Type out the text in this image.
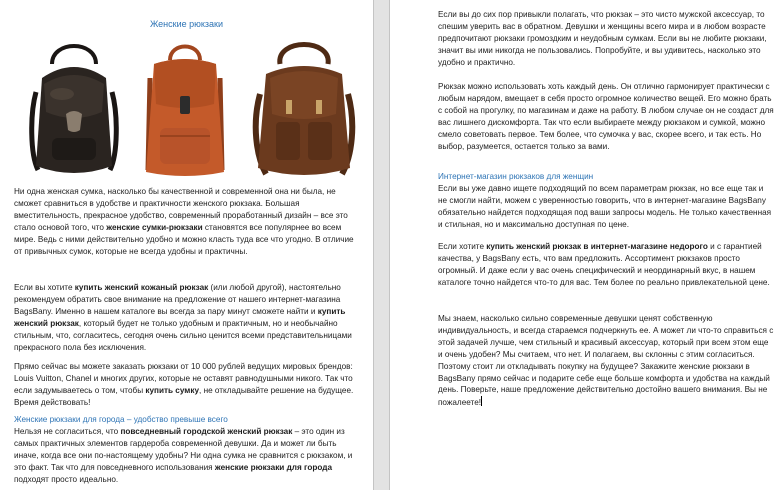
Женские рюкзаки

Ни одна женская сумка, насколько бы качественной и современной она ни была, не сможет сравниться в удобстве и практичности женского рюкзака. Большая вместительность, прекрасное удобство, современный проработанный дизайн – все это стало основой того, что женские сумки-рюкзаки становятся все популярнее во всем мире. Ведь с ними действительно удобно и можно класть туда все что угодно. В отличие от привычных сумок, которые не всегда удобны и практичны.

Если вы хотите купить женский кожаный рюкзак (или любой другой), настоятельно рекомендуем обратить свое внимание на предложение от нашего интернет-магазина BagsBany. Именно в нашем каталоге вы всегда за пару минут сможете найти и купить женский рюкзак, который будет не только удобным и практичным, но и необычайно стильным, что, согласитесь, сегодня очень сильно ценится всеми представительницами прекрасного пола без исключения.

Прямо сейчас вы можете заказать рюкзаки от 10 000 рублей ведущих мировых брендов: Louis Vuitton, Chanel и многих других, которые не оставят равнодушными никого. Так что если задумываетесь о том, чтобы купить сумку, не откладывайте решение на будущее. Время действовать!

Женские рюкзаки для города – удобство превыше всего

Нельзя не согласиться, что повседневный городской женский рюкзак – это один из самых практичных элементов гардероба современной девушки. Да и может ли быть иначе, когда все они по-настоящему удобны? Ни одна сумка не сравнится с рюкзаком, и это факт. Так что для повседневного использования женские рюкзаки для города подходят просто идеально.

Если вы до сих пор привыкли полагать, что рюкзак – это чисто мужской аксессуар, то спешим уверить вас в обратном. Девушки и женщины всего мира и в любом возрасте предпочитают рюкзаки громоздким и неудобным сумкам. Если вы не любите рюкзаки, значит вы ими никогда не пользовались. Попробуйте, и вы удивитесь, насколько это удобно и практично.

Рюкзак можно использовать хоть каждый день. Он отлично гармонирует практически с любым нарядом, вмещает в себя просто огромное количество вещей. Его можно брать с собой на прогулку, по магазинам и даже на работу. В любом случае он не создаст для вас лишнего дискомфорта. Так что если выбираете между рюкзаком и сумкой, можно смело советовать первое. Тем более, что сумочка у вас, скорее всего, и так есть. Но выбор, разумеется, остается только за вами.

Интернет-магазин рюкзаков для женщин

Если вы уже давно ищете подходящий по всем параметрам рюкзак, но все еще так и не смогли найти, можем с уверенностью говорить, что в интернет-магазине BagsBany обязательно найдется подходящая под ваши запросы модель. Не только качественная и стильная, но и максимально доступная по цене.

Если хотите купить женский рюкзак в интернет-магазине недорого и с гарантией качества, у BagsBany есть, что вам предложить. Ассортимент рюкзаков просто огромный. И даже если у вас очень специфический и неординарный вкус, в нашем каталоге точно найдется что-то для вас. Тем более по реально привлекательной цене.

Мы знаем, насколько сильно современные девушки ценят собственную индивидуальность, и всегда стараемся подчеркнуть ее. А может ли что-то справиться с этой задачей лучше, чем стильный и красивый аксессуар, который при всем этом еще и очень удобен? Мы считаем, что нет. И полагаем, вы склонны с этим согласиться. Поэтому стоит ли откладывать покупку на будущее? Закажите женские рюкзаки в BagsBany прямо сейчас и подарите себе еще больше комфорта и удобства на каждый день. Поверьте, наше предложение действительно достойно вашего внимания. Вы не пожалеете!
